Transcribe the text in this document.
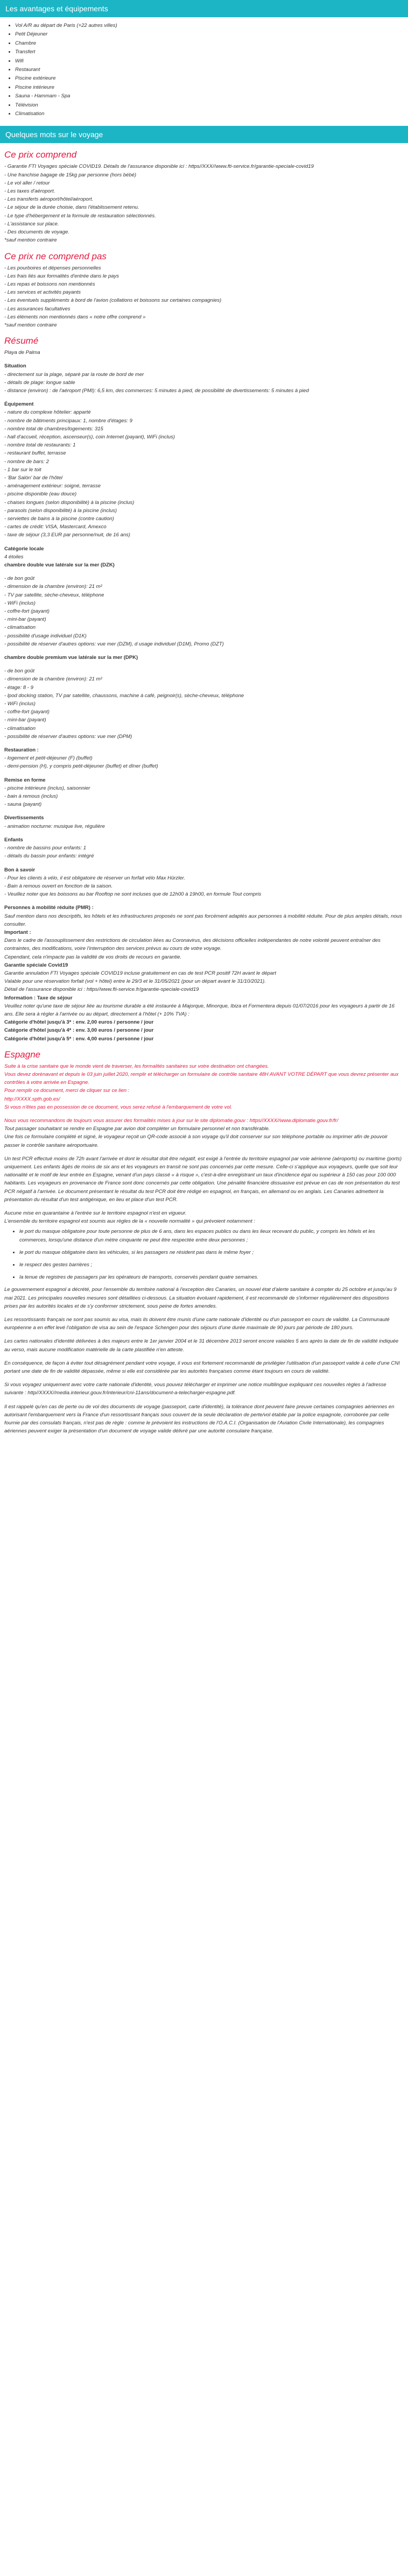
Les avantages et équipements
• Vol A/R au départ de Paris (+22 autres villes)
• Petit Déjeuner
• Chambre
• Transfert
• Wifi
• Restaurant
• Piscine extérieure
• Piscine intérieure
• Sauna - Hammam - Spa
• Télévision
• Climatisation
Quelques mots sur le voyage
Ce prix comprend

- Garantie FTI Voyages spéciale COVID19. Détails de l'assurance disponible ici : https//XXX//www.fti-service.fr/garantie-speciale-covid19

- Une franchise bagage de 15kg par personne (hors bébé)

- Le vol aller / retour

- Les taxes d'aéroport.

- Les transferts aéroport/hôtel/aéroport.

- Le séjour de la durée choisie, dans l'établissement retenu.

- Le type d'hébergement et la formule de restauration sélectionnés.

- L'assistance sur place.

- Des documents de voyage.

*sauf mention contraire

Ce prix ne comprend pas

- Les pourboires et dépenses personnelles

- Les frais liés aux formalités d'entrée dans le pays

- Les repas et boissons non mentionnés

- Les services et activités payants

- Les éventuels suppléments à bord de l'avion (collations et boissons sur certaines compagnies)

- Les assurances facultatives

- Les éléments non mentionnés dans « notre offre comprend »

*sauf mention contraire

Résumé

Playa de Palma

Situation

- directement sur la plage, séparé par la route de bord de mer

- détails de plage: longue sable

- distance (environ) : de l'aéroport (PMI): 6,5 km, des commerces: 5 minutes à pied, de possibilité de divertissements: 5 minutes à pied

Équipement

- nature du complexe hôtelier: apparté

- nombre de bâtiments principaux: 1, nombre d'étages: 9

- nombre total de chambres/logements: 315

- hall d'accueil, réception, ascenseur(s), coin Internet (payant), WiFi (inclus)

- nombre total de restaurants: 1

- restaurant buffet, terrasse

- nombre de bars: 2

- 1 bar sur le toit

- 'Bar Salón' bar de l'hôtel

- aménagement extérieur: soigné, terrasse

- piscine disponible (eau douce)

- chaises longues (selon disponibilité) à la piscine (inclus)

- parasols (selon disponibilité) à la piscine (inclus)

- serviettes de bains à la piscine (contre caution)

- cartes de crédit: VISA, Mastercard, Amexco

- taxe de séjour (3,3 EUR par personne/nuit, de 16 ans)

Catégorie locale

4 étoiles

chambre double vue latérale sur la mer (DZK)

- de bon goût

- dimension de la chambre (environ): 21 m²

- TV par satellite, sèche-cheveux, téléphone

- WiFi (inclus)

- coffre-fort (payant)

- mini-bar (payant)

- climatisation

- possibilité d'usage individuel (D1K)

- possibilité de réserver d'autres options: vue mer (DZM), d usage individuel (D1M), Promo (DZT)

chambre double premium vue latérale sur la mer (DPK)

- de bon goût

- dimension de la chambre (environ): 21 m²

- étage: 8 - 9

- lpod docking station, TV par satellite, chaussons, machine à café, peignoir(s), sèche-cheveux, téléphone

- WiFi (inclus)

- coffre-fort (payant)

- mini-bar (payant)

- climatisation

- possibilité de réserver d'autres options: vue mer (DPM)

Restauration :

- logement et petit-déjeuner (F) (buffet)

- demi-pension (H), y compris petit-déjeuner (buffet) et dîner (buffet)

Remise en forme

- piscine intérieure (inclus), saisonnier

- bain à remous (inclus)

- sauna (payant)

Divertissements

- animation nocturne: musique live, régulière

Enfants

- nombre de bassins pour enfants: 1

- détails du bassin pour enfants: intégré

Bon à savoir

- Pour les clients à vélo, il est obligatoire de réserver un forfait vélo Max Hürzler.

- Bain à remous ouvert en fonction de la saison.

- Veuillez noter que les boissons au bar Rooftop ne sont incluses que de 12h00 à 19h00, en formule Tout compris

Personnes à mobilité réduite (PMR) :

Sauf mention dans nos descriptifs, les hôtels et les infrastructures proposés ne sont pas forcément adaptés aux personnes à mobilité réduite. Pour de plus amples détails, nous consulter.

Important :

Dans le cadre de l'assouplissement des restrictions de circulation liées au Coronavirus, des décisions officielles indépendantes de notre volonté peuvent entraîner des contraintes, des modifications, voire l'interruption des services prévus au cours de votre voyage.

Cependant, cela n'impacte pas la validité de vos droits de recours en garantie.

Garantie spéciale Covid19

Garantie annulation FTI Voyages spéciale COVID19 incluse gratuitement en cas de test PCR positif 72H avant le départ

Valable pour une réservation forfait (vol + hôtel) entre le 29/3 et le 31/05/2021 (pour un départ avant le 31/10/2021).

Détail de l'assurance disponible ici : https//www.fti-service.fr/garantie-speciale-covid19

Information : Taxe de séjour

Veuillez noter qu'une taxe de séjour liée au tourisme durable a été instaurée à Majorque, Minorque, Ibiza et Formentera depuis 01/07/2016 pour les voyageurs à partir de 16 ans. Elle sera à régler à l'arrivée ou au départ, directement à l'hôtel (+ 10% TVA) :

Catégorie d'hôtel jusqu'à 3* : env. 2,00 euros / personne / jour

Catégorie d'hôtel jusqu'à 4* : env. 3,00 euros / personne / jour

Catégorie d'hôtel jusqu'à 5* : env. 4,00 euros / personne / jour

Espagne

Suite à la crise sanitaire que le monde vient de traverser, les formalités sanitaires sur votre destination ont changées.

Vous devez dorénavant et depuis le 03 juin juillet 2020, remplir et télécharger un formulaire de contrôle sanitaire 48H AVANT VOTRE DÉPART que vous devrez présenter aux contrôles à votre arrivée en Espagne.

Pour remplir ce document, merci de cliquer sur ce lien :

http://XXXX.spth.gob.es/

Si vous n'êtes pas en possession de ce document, vous serez refusé à l'embarquement de votre vol.

Nous vous recommandons de toujours vous assurer des formalités mises à jour sur le site diplomatie.gouv : https//XXXX//www.diplomatie.gouv.fr/fr/

Tout passager souhaitant se rendre en Espagne par avion doit compléter un formulaire personnel et non transférable.

Une fois ce formulaire complété et signé, le voyageur reçoit un QR-code associé à son voyage qu'il doit conserver sur son téléphone portable ou imprimer afin de pouvoir passer le contrôle sanitaire aéroportuaire.

Un test PCR effectué moins de 72h avant l'arrivée et dont le résultat doit être négatif, est exigé à l'entrée du territoire espagnol par voie aérienne (aéroports) ou maritime (ports) uniquement. Les enfants âgés de moins de six ans et les voyageurs en transit ne sont pas concernés par cette mesure. Celle-ci s'applique aux voyageurs, quelle que soit leur nationalité et le motif de leur entrée en Espagne, venant d'un pays classé « à risque », c'est-à-dire enregistrant un taux d'incidence égal ou supérieur à 150 cas pour 100 000 habitants. Les voyageurs en provenance de France sont donc concernés par cette obligation. Une pénalité financière dissuasive est prévue en cas de non présentation du test PCR négatif à l'arrivée. Le document présentant le résultat du test PCR doit être rédigé en espagnol, en français, en allemand ou en anglais. Les Canaries admettent la présentation du résultat d'un test antigénique, en lieu et place d'un test PCR.

Aucune mise en quarantaine à l'entrée sur le territoire espagnol n'est en vigueur.

L'ensemble du territoire espagnol est soumis aux règles de la « nouvelle normalité » qui prévoient notamment :

• le port du masque obligatoire pour toute personne de plus de 6 ans, dans les espaces publics ou dans les lieux recevant du public, y compris les hôtels et les commerces, lorsqu'une distance d'un mètre cinquante ne peut être respectée entre deux personnes ;
• le port du masque obligatoire dans les véhicules, si les passagers ne résident pas dans le même foyer ;
• le respect des gestes barrières ;
• la tenue de registres de passagers par les opérateurs de transports, conservés pendant quatre semaines.

Le gouvernement espagnol a décrété, pour l'ensemble du territoire national à l'exception des Canaries, un nouvel état d'alerte sanitaire à compter du 25 octobre et jusqu'au 9 mai 2021. Les principales nouvelles mesures sont détaillées ci-dessous. La situation évoluant rapidement, il est recommandé de s'informer régulièrement des dispositions prises par les autorités locales et de s'y conformer strictement, sous peine de fortes amendes.

Les ressortissants français ne sont pas soumis au visa, mais ils doivent être munis d'une carte nationale d'identité ou d'un passeport en cours de validité. La Communauté européenne a en effet levé l'obligation de visa au sein de l'espace Schengen pour des séjours d'une durée maximale de 90 jours par période de 180 jours.

Les cartes nationales d'identité délivrées à des majeurs entre le 1er janvier 2004 et le 31 décembre 2013 seront encore valables 5 ans après la date de fin de validité indiquée au verso, mais aucune modification matérielle de la carte plastifiée n'en atteste.

En conséquence, de façon à éviter tout désagrément pendant votre voyage, il vous est fortement recommandé de privilégier l'utilisation d'un passeport valide à celle d'une CNI portant une date de fin de validité dépassée, même si elle est considérée par les autorités françaises comme étant toujours en cours de validité.

Si vous voyagez uniquement avec votre carte nationale d'identité, vous pouvez télécharger et imprimer une notice multilingue expliquant ces nouvelles règles à l'adresse suivante : http//XXXX//media.interieur.gouv.fr/interieur/cni-11ans/document-a-telecharger-espagne.pdf.

Il est rappelé qu'en cas de perte ou de vol des documents de voyage (passeport, carte d'identité), la tolérance dont peuvent faire preuve certaines compagnies aériennes en autorisant l'embarquement vers la France d'un ressortissant français sous couvert de la seule déclaration de perte/vol établie par la police espagnole, corroborée par celle fournie par des consulats français, n'est pas de règle : comme le prévoient les instructions de l'O.A.C.I. (Organisation de l'Aviation Civile Internationale), les compagnies aériennes peuvent exiger la présentation d'un document de voyage valide délivré par une autorité consulaire française.
